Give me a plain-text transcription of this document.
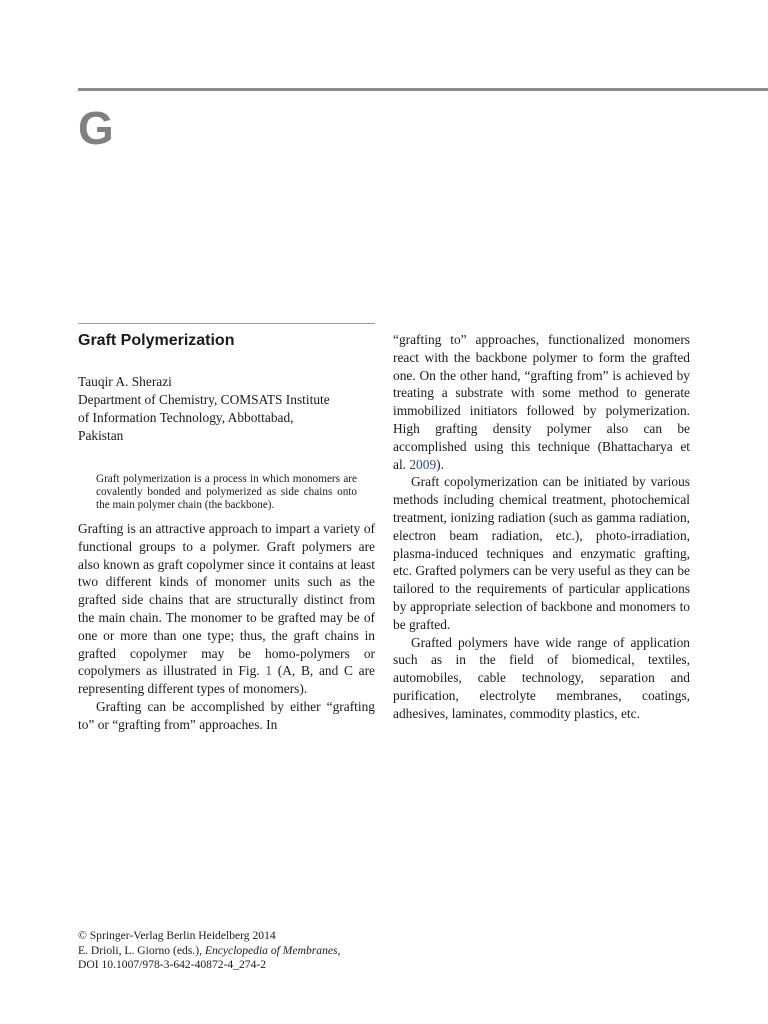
G
Graft Polymerization
Tauqir A. Sherazi
Department of Chemistry, COMSATS Institute
of Information Technology, Abbottabad,
Pakistan
Graft polymerization is a process in which monomers are covalently bonded and polymerized as side chains onto the main polymer chain (the backbone).

Grafting is an attractive approach to impart a variety of functional groups to a polymer. Graft polymers are also known as graft copolymer since it contains at least two different kinds of monomer units such as the grafted side chains that are structurally distinct from the main chain. The monomer to be grafted may be of one or more than one type; thus, the graft chains in grafted copolymer may be homo-polymers or copolymers as illustrated in Fig. 1 (A, B, and C are representing different types of monomers).

Grafting can be accomplished by either “grafting to” or “grafting from” approaches. In

“grafting to” approaches, functionalized monomers react with the backbone polymer to form the grafted one. On the other hand, “grafting from” is achieved by treating a substrate with some method to generate immobilized initiators followed by polymerization. High grafting density polymer also can be accomplished using this technique (Bhattacharya et al. 2009).

Graft copolymerization can be initiated by various methods including chemical treatment, photochemical treatment, ionizing radiation (such as gamma radiation, electron beam radiation, etc.), photo-irradiation, plasma-induced techniques and enzymatic grafting, etc. Grafted polymers can be very useful as they can be tailored to the requirements of particular applications by appropriate selection of backbone and monomers to be grafted.

Grafted polymers have wide range of application such as in the field of biomedical, textiles, automobiles, cable technology, separation and purification, electrolyte membranes, coatings, adhesives, laminates, commodity plastics, etc.

© Springer-Verlag Berlin Heidelberg 2014
E. Drioli, L. Giorno (eds.), Encyclopedia of Membranes,
DOI 10.1007/978-3-642-40872-4_274-2
